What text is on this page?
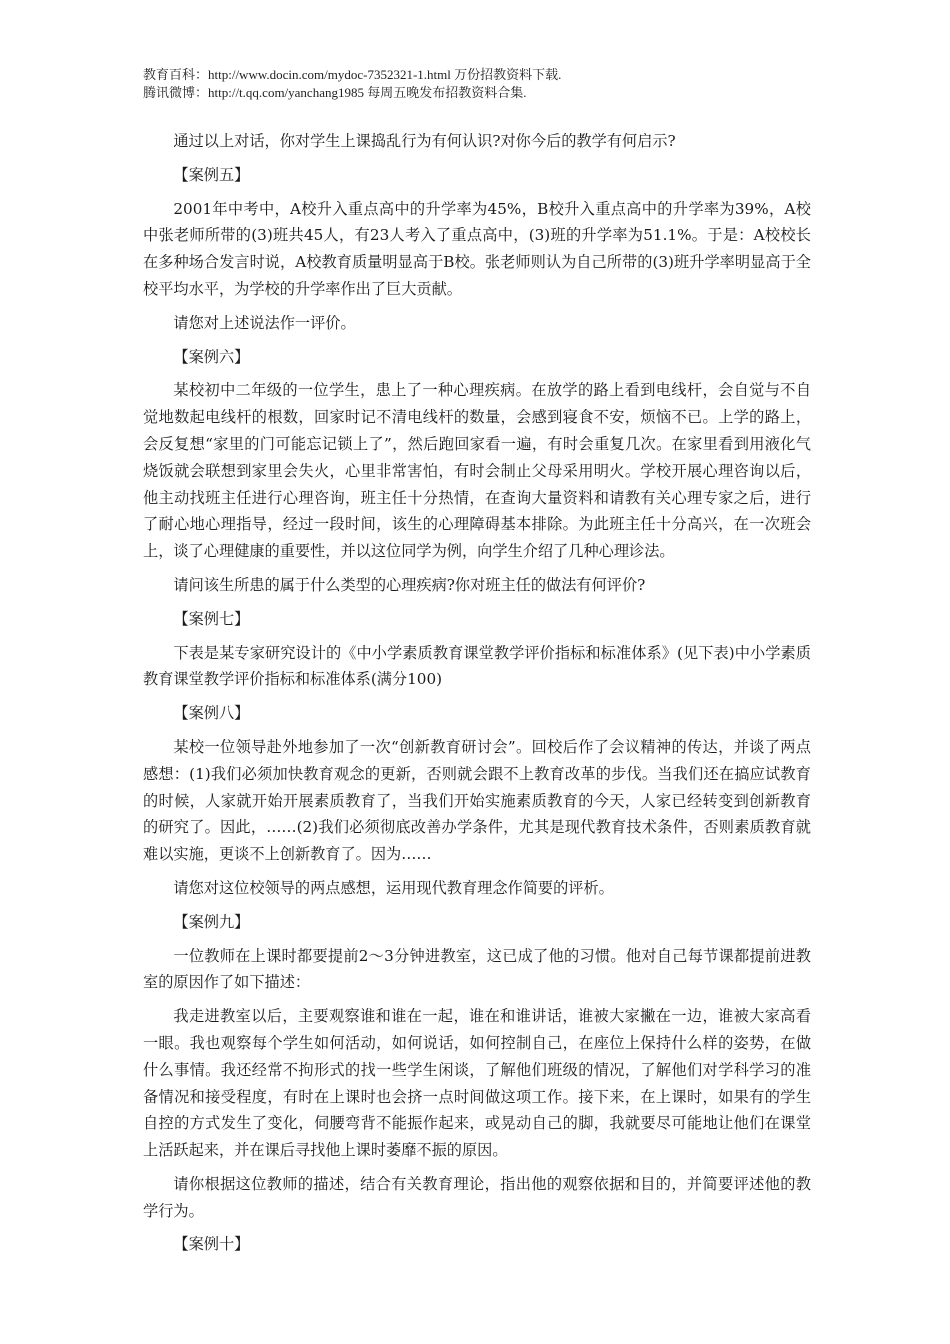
教育百科：http://www.docin.com/mydoc-7352321-1.html 万份招教资料下载.
腾讯微博：http://t.qq.com/yanchang1985 每周五晚发布招教资料合集.

通过以上对话，你对学生上课捣乱行为有何认识?对你今后的教学有何启示?

【案例五】

2001年中考中，A校升入重点高中的升学率为45%，B校升入重点高中的升学率为39%，A校中张老师所带的(3)班共45人，有23人考入了重点高中，(3)班的升学率为51.1%。于是：A校校长在多种场合发言时说，A校教育质量明显高于B校。张老师则认为自己所带的(3)班升学率明显高于全校平均水平，为学校的升学率作出了巨大贡献。

请您对上述说法作一评价。

【案例六】

某校初中二年级的一位学生，患上了一种心理疾病。在放学的路上看到电线杆，会自觉与不自觉地数起电线杆的根数，回家时记不清电线杆的数量，会感到寝食不安，烦恼不已。上学的路上，会反复想“家里的门可能忘记锁上了”，然后跑回家看一遍，有时会重复几次。在家里看到用液化气烧饭就会联想到家里会失火，心里非常害怕，有时会制止父母采用明火。学校开展心理咨询以后，他主动找班主任进行心理咨询，班主任十分热情，在查询大量资料和请教有关心理专家之后，进行了耐心地心理指导，经过一段时间，该生的心理障碍基本排除。为此班主任十分高兴，在一次班会上，谈了心理健康的重要性，并以这位同学为例，向学生介绍了几种心理诊法。

请问该生所患的属于什么类型的心理疾病?你对班主任的做法有何评价?

【案例七】

下表是某专家研究设计的《中小学素质教育课堂教学评价指标和标准体系》(见下表)中小学素质教育课堂教学评价指标和标准体系(满分100)

【案例八】

某校一位领导赴外地参加了一次“创新教育研讨会”。回校后作了会议精神的传达，并谈了两点感想：(1)我们必须加快教育观念的更新，否则就会跟不上教育改革的步伐。当我们还在搞应试教育的时候，人家就开始开展素质教育了，当我们开始实施素质教育的今天，人家已经转变到创新教育的研究了。因此，……(2)我们必须彻底改善办学条件，尤其是现代教育技术条件，否则素质教育就难以实施，更谈不上创新教育了。因为……

请您对这位校领导的两点感想，运用现代教育理念作简要的评析。

【案例九】

一位教师在上课时都要提前2～3分钟进教室，这已成了他的习惯。他对自己每节课都提前进教室的原因作了如下描述：

我走进教室以后，主要观察谁和谁在一起，谁在和谁讲话，谁被大家撇在一边，谁被大家高看一眼。我也观察每个学生如何活动，如何说话，如何控制自己，在座位上保持什么样的姿势，在做什么事情。我还经常不拘形式的找一些学生闲谈，了解他们班级的情况，了解他们对学科学习的准备情况和接受程度，有时在上课时也会挤一点时间做这项工作。接下来，在上课时，如果有的学生自控的方式发生了变化，伺腰弯背不能振作起来，或晃动自己的脚，我就要尽可能地让他们在课堂上活跃起来，并在课后寻找他上课时萎靡不振的原因。

请你根据这位教师的描述，结合有关教育理论，指出他的观察依据和目的，并简要评述他的教学行为。

【案例十】
